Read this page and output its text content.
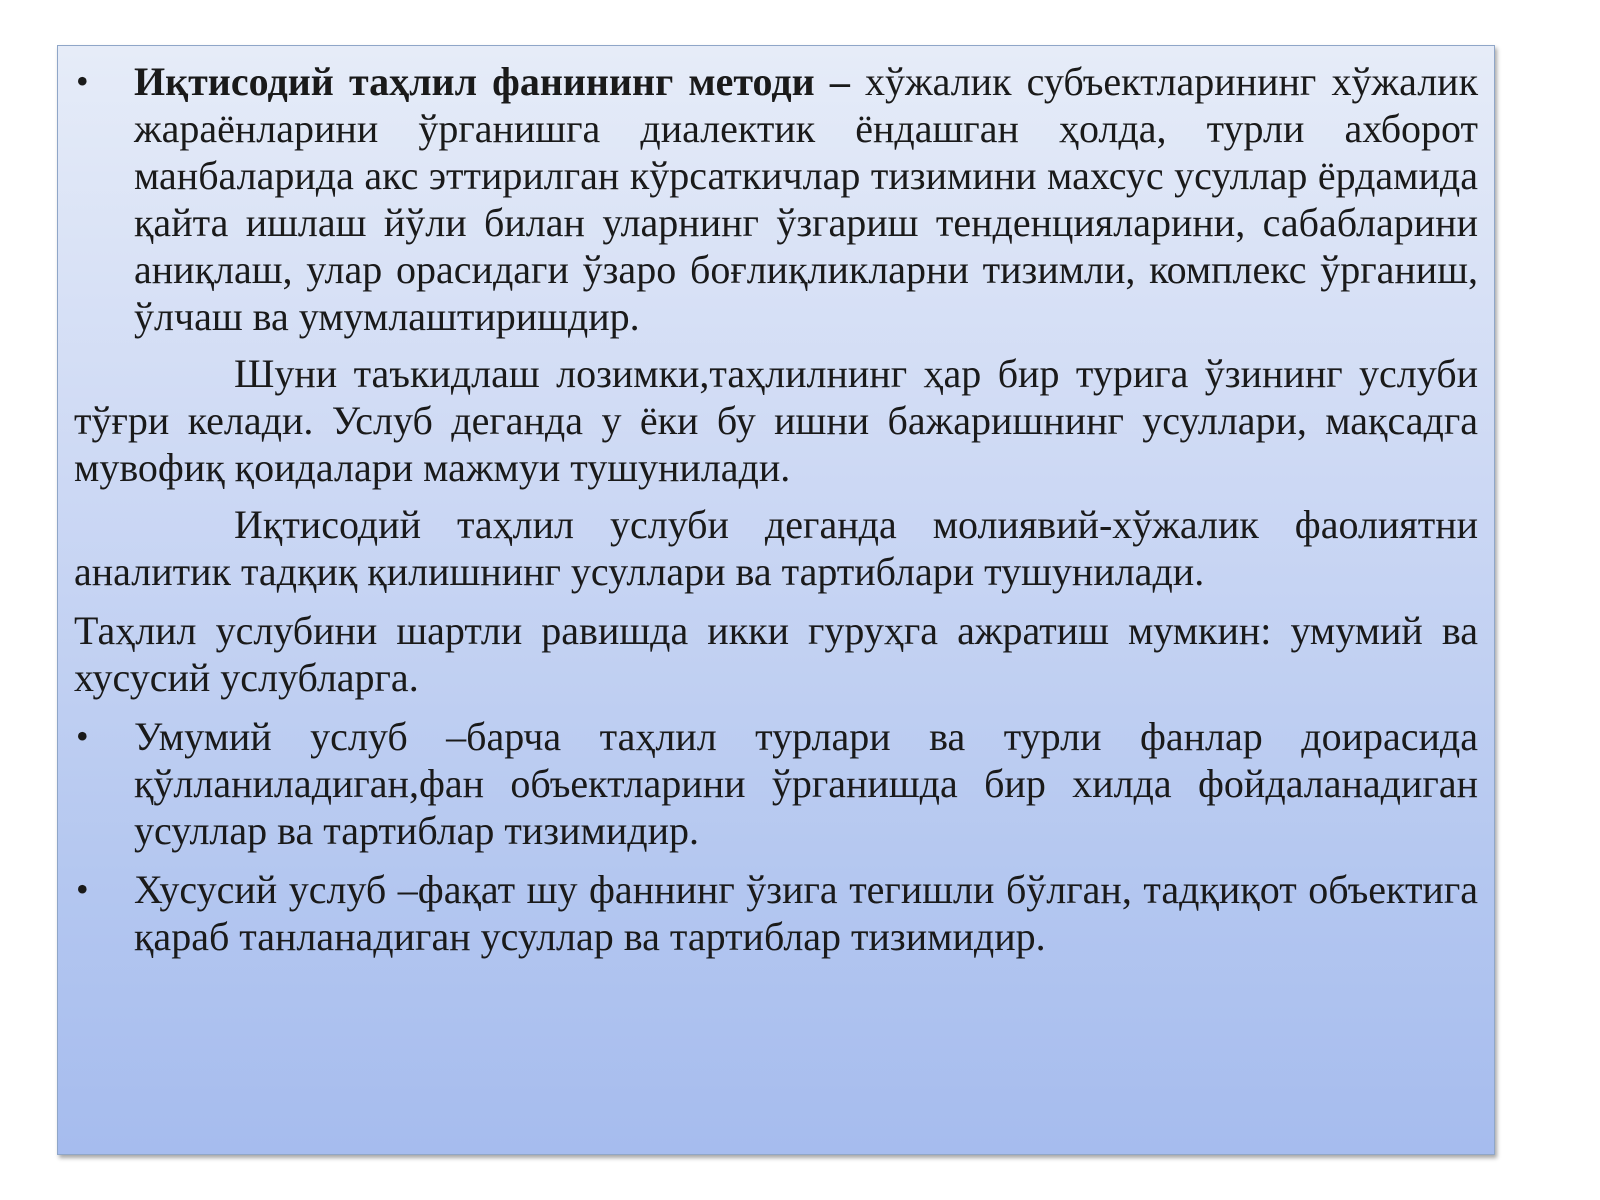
•	Иқтисодий таҳлил фанининг методи – хўжалик субъектларининг хўжалик жараёнларини ўрганишга диалектик ёндашган ҳолда, турли ахборот манбаларида акс эттирилган кўрсаткичлар тизимини махсус усуллар ёрдамида қайта ишлаш йўли билан уларнинг ўзгариш тенденцияларини, сабабларини аниқлаш, улар орасидаги ўзаро боғлиқликларни тизимли, комплекс ўрганиш, ўлчаш ва умумлаштиришдир.

Шуни таъкидлаш лозимки,таҳлилнинг ҳар бир турига ўзининг услуби тўғри келади. Услуб деганда у ёки бу ишни бажаришнинг усуллари, мақсадга мувофиқ қоидалари мажмуи тушунилади.

Иқтисодий таҳлил услуби деганда молиявий-хўжалик фаолиятни аналитик тадқиқ қилишнинг усуллари ва тартиблари тушунилади.

Таҳлил услубини шартли равишда икки гуруҳга ажратиш мумкин: умумий ва хусусий услубларга.

•	Умумий услуб –барча таҳлил турлари ва турли фанлар доирасида қўлланиладиган,фан объектларини ўрганишда бир хилда фойдаланадиган усуллар ва тартиблар тизимидир.

•	Хусусий услуб –фақат шу фаннинг ўзига тегишли бўлган, тадқиқот объектига қараб танланадиган усуллар ва тартиблар тизимидир.
